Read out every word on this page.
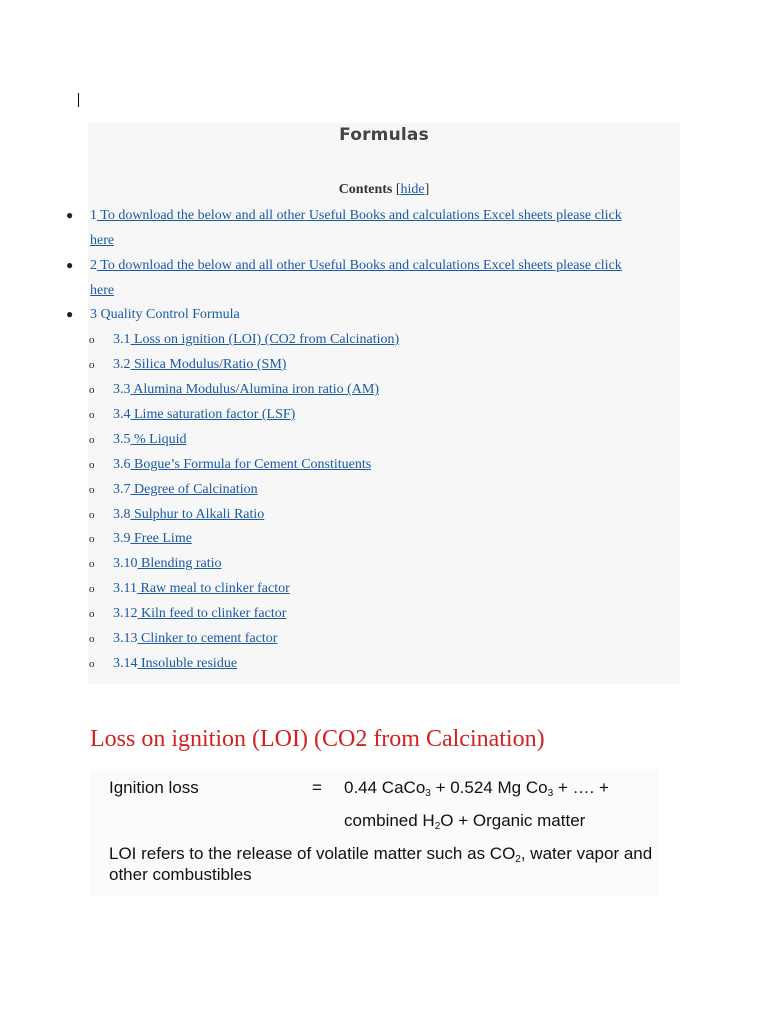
Formulas
Contents [hide]
● 1 To download the below and all other Useful Books and calculations Excel sheets please click
here
● 2 To download the below and all other Useful Books and calculations Excel sheets please click
here
● 3 Quality Control Formula
o 3.1 Loss on ignition (LOI) (CO2 from Calcination)
o 3.2 Silica Modulus/Ratio (SM)
o 3.3 Alumina Modulus/Alumina iron ratio (AM)
o 3.4 Lime saturation factor (LSF)
o 3.5 % Liquid
o 3.6 Bogue’s Formula for Cement Constituents
o 3.7 Degree of Calcination
o 3.8 Sulphur to Alkali Ratio
o 3.9 Free Lime
o 3.10 Blending ratio
o 3.11 Raw meal to clinker factor
o 3.12 Kiln feed to clinker factor
o 3.13 Clinker to cement factor
o 3.14 Insoluble residue
Loss on ignition (LOI) (CO2 from Calcination)
Ignition loss	= 0.44 CaCo$_3$ + 0.524 Mg $Co_3$ + …. +
combined $H_2O$ + Organic matter
LOI refers to the release of volatile matter such as $CO_2$, water vapor and other combustibles
